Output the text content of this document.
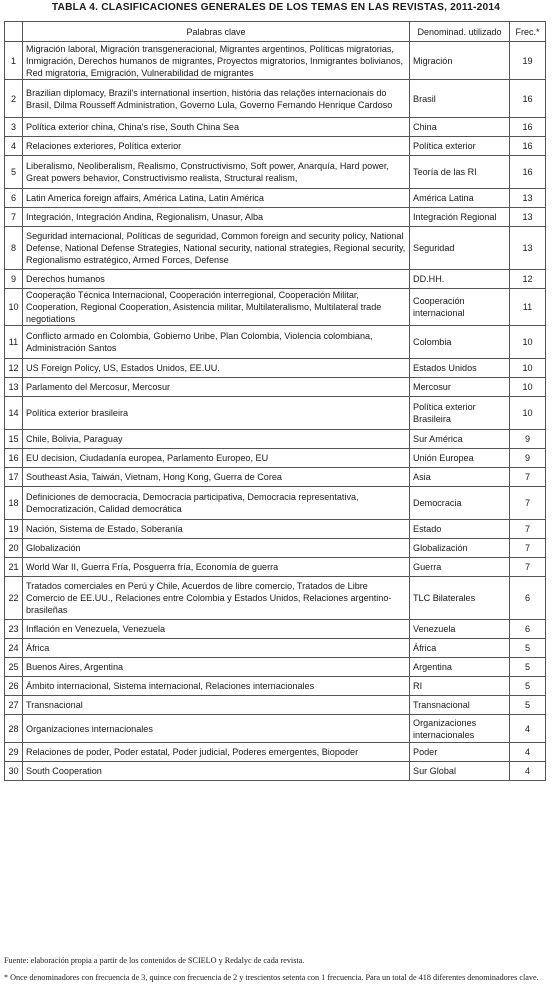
TABLA 4. CLASIFICACIONES GENERALES DE LOS TEMAS EN LAS REVISTAS, 2011-2014
	Palabras clave	Denominad. utilizado	Frec.*
1	Migración laboral, Migración transgeneracional, Migrantes argentinos, Políticas migratorias, Inmigración, Derechos humanos de migrantes, Proyectos migratorios, Inmigrantes bolivianos, Red migratoria, Emigración, Vulnerabilidad de migrantes	Migración	19
2	Brazilian diplomacy, Brazil's international insertion, história das relações internacionais do Brasil, Dilma Rousseff Administration, Governo Lula, Governo Fernando Henrique Cardoso	Brasil	16
3	Política exterior china, China's rise, South China Sea	China	16
4	Relaciones exteriores, Política exterior	Política exterior	16
5	Liberalismo, Neoliberalism, Realismo, Constructivismo, Soft power, Anarquía, Hard power, Great powers behavior, Constructivismo realista, Structural realism,	Teoría de las RI	16
6	Latin America foreign affairs, América Latina, Latin América	América Latina	13
7	Integración, Integración Andina, Regionalism, Unasur, Alba	Integración Regional	13
8	Seguridad internacional, Políticas de seguridad, Common foreign and security policy, National Defense, National Defense Strategies, National security, national strategies, Regional security, Regionalismo estratégico, Armed Forces, Defense	Seguridad	13
9	Derechos humanos	DD.HH.	12
10	Cooperação Técnica Internacional, Cooperación interregional, Cooperación Militar, Cooperation, Regional Cooperation, Asistencia militar, Multilateralismo, Multilateral trade negotiations	Cooperación internacional	11
11	Conflicto armado en Colombia, Gobierno Uribe, Plan Colombia, Violencia colombiana, Administración Santos	Colombia	10
12	US Foreign Policy, US, Estados Unidos, EE.UU.	Estados Unidos	10
13	Parlamento del Mercosur, Mercosur	Mercosur	10
14	Política exterior brasileira	Política exterior Brasileira	10
15	Chile, Bolivia, Paraguay	Sur América	9
16	EU decision, Ciudadanía europea, Parlamento Europeo, EU	Unión Europea	9
17	Southeast Asia, Taiwán, Vietnam, Hong Kong, Guerra de Corea	Asia	7
18	Definiciones de democracia, Democracia participativa, Democracia representativa, Democratización, Calidad democrática	Democracia	7
19	Nación, Sistema de Estado, Soberanía	Estado	7
20	Globalización	Globalización	7
21	World War II, Guerra Fría, Posguerra fría, Economía de guerra	Guerra	7
22	Tratados comerciales en Perú y Chile, Acuerdos de libre comercio, Tratados de Libre Comercio de EE.UU., Relaciones entre Colombia y Estados Unidos, Relaciones argentino-brasileñas	TLC Bilaterales	6
23	Inflación en Venezuela, Venezuela	Venezuela	6
24	África	África	5
25	Buenos Aires, Argentina	Argentina	5
26	Ámbito internacional, Sistema internacional, Relaciones internacionales	RI	5
27	Transnacional	Transnacional	5
28	Organizaciones internacionales	Organizaciones internacionales	4
29	Relaciones de poder, Poder estatal, Poder judicial, Poderes emergentes, Biopoder	Poder	4
30	South Cooperation	Sur Global	4
Fuente: elaboración propia a partir de los contenidos de SCIELO y Redalyc de cada revista.
* Once denominadores con frecuencia de 3, quince con frecuencia de 2 y trescientos setenta con 1 frecuencia. Para un total de 418 diferentes denominadores clave.
